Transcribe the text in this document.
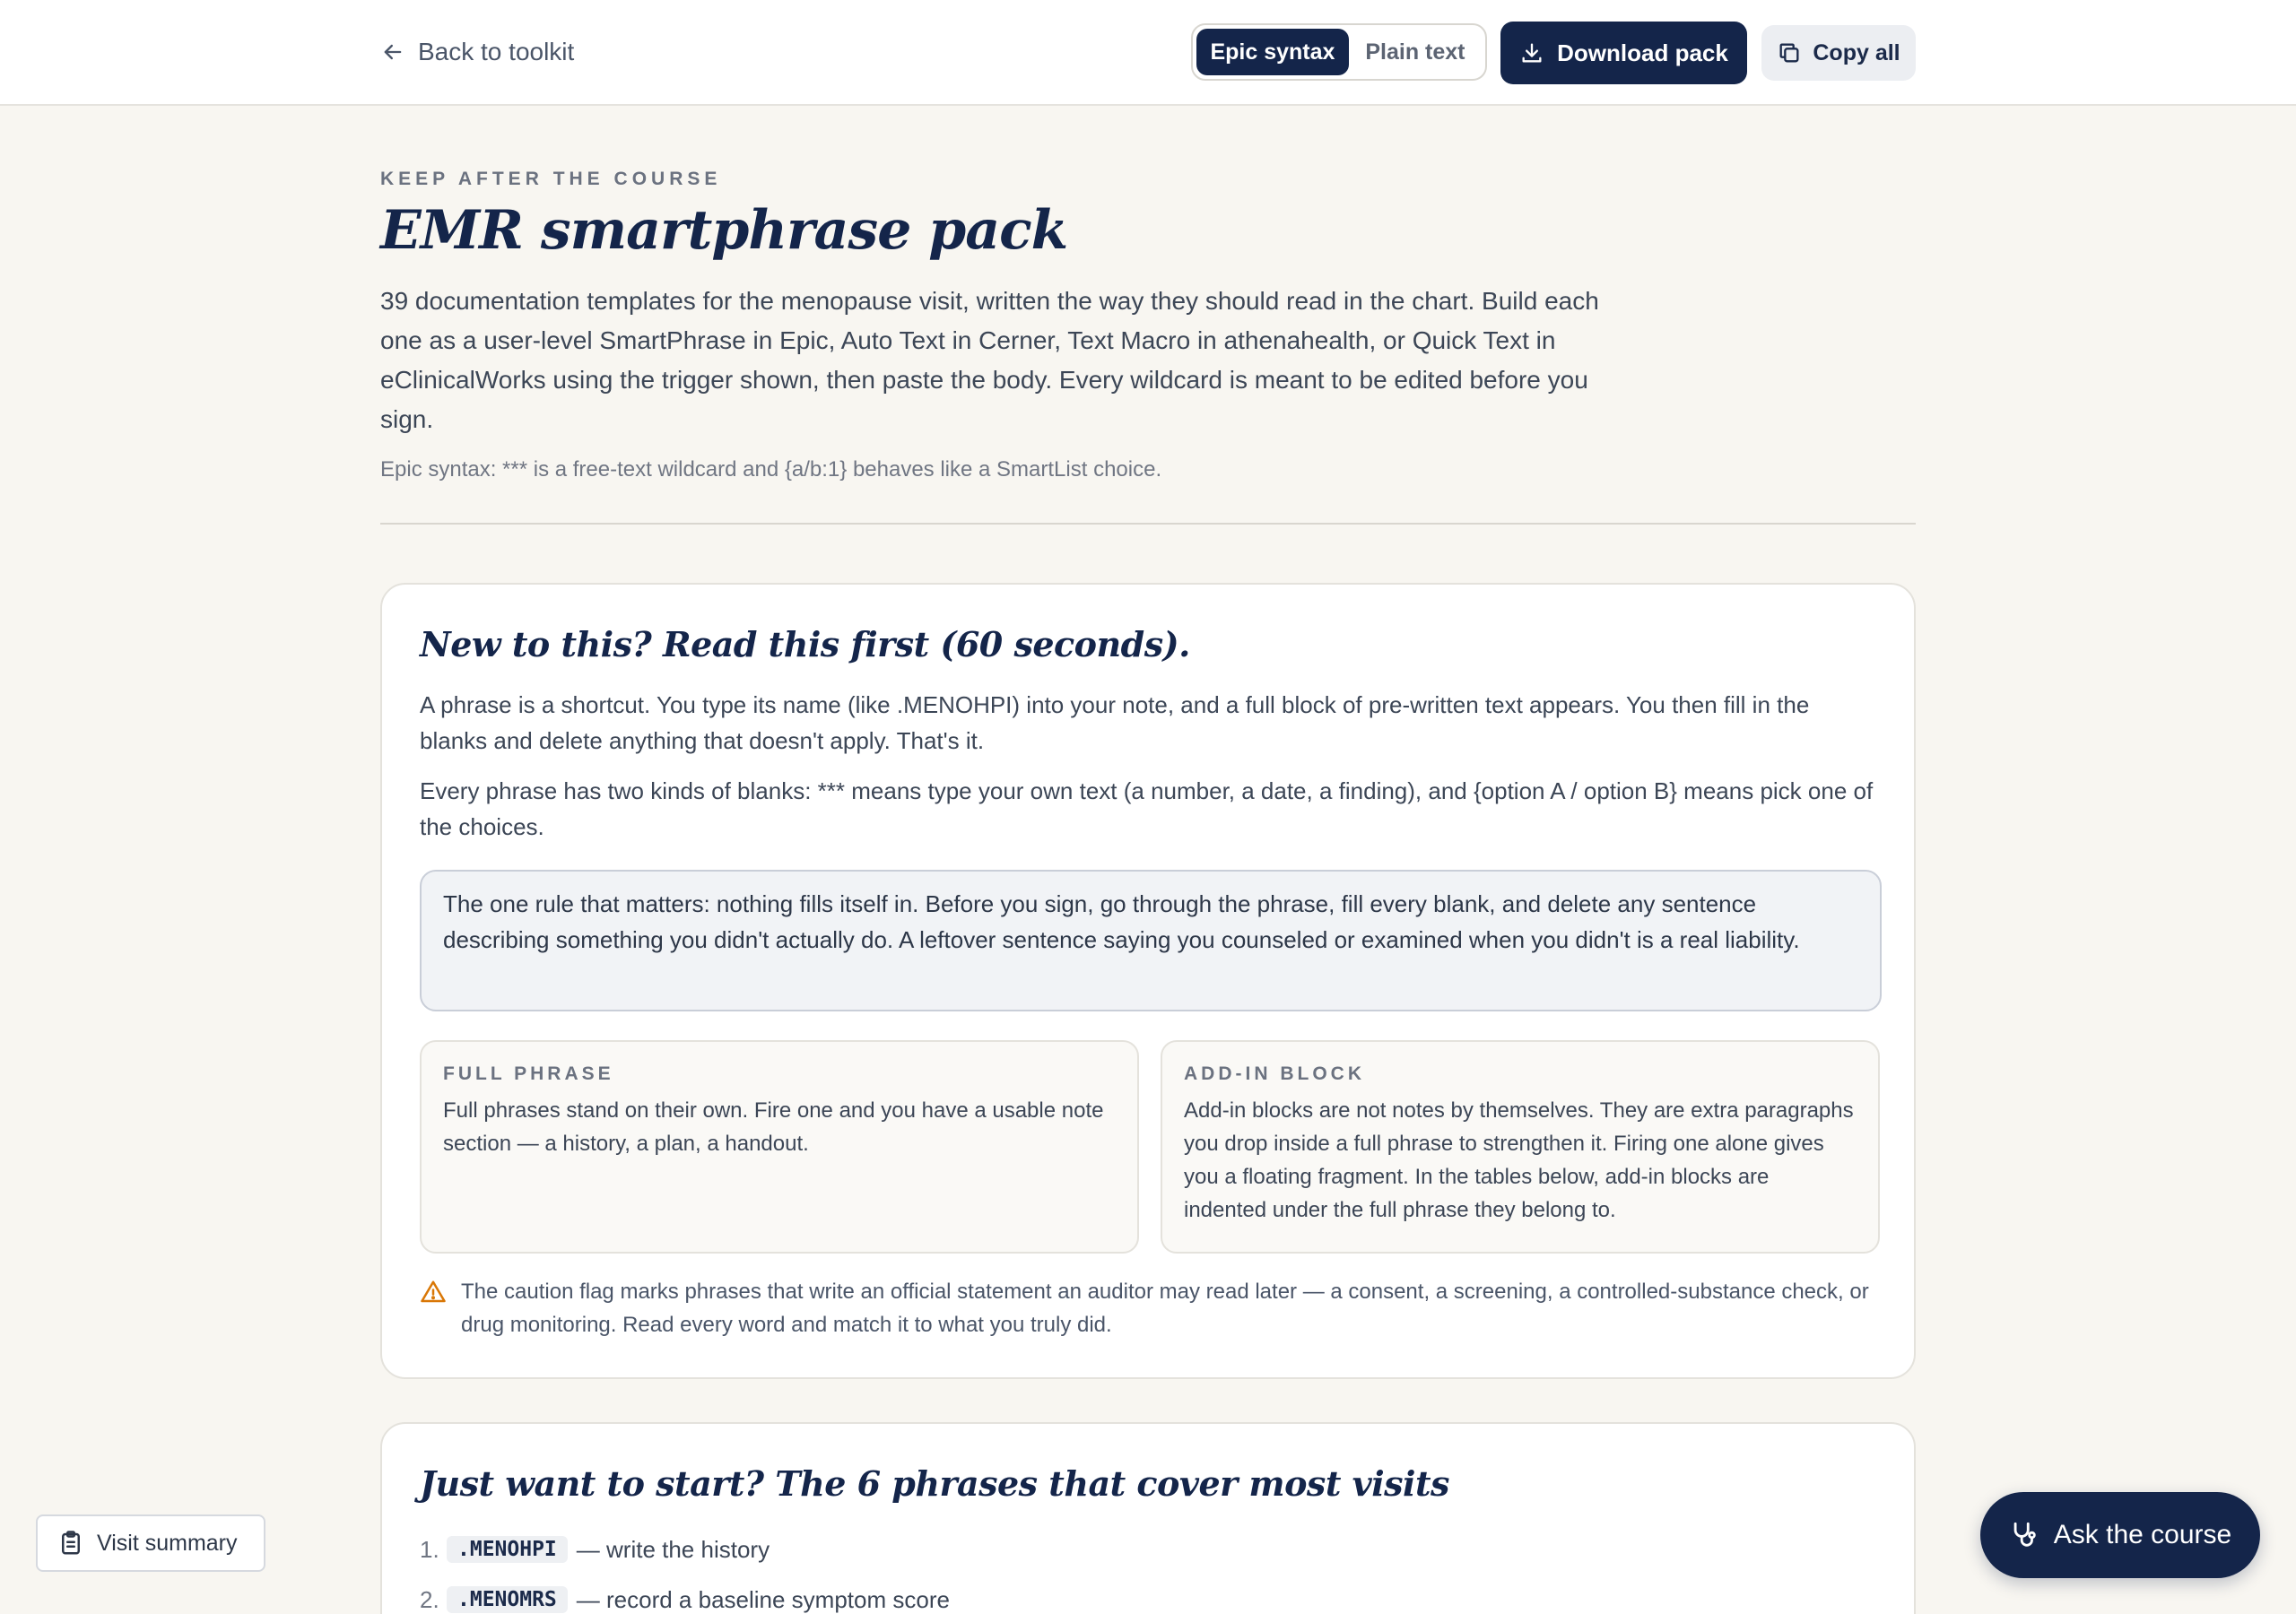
Back to toolkit	Epic syntax	Plain text	Download pack	Copy all
KEEP AFTER THE COURSE
EMR smartphrase pack

39 documentation templates for the menopause visit, written the way they should read in the chart. Build each one as a user-level SmartPhrase in Epic, Auto Text in Cerner, Text Macro in athenahealth, or Quick Text in eClinicalWorks using the trigger shown, then paste the body. Every wildcard is meant to be edited before you sign.

Epic syntax: *** is a free-text wildcard and {a/b:1} behaves like a SmartList choice.

New to this? Read this first (60 seconds).

A phrase is a shortcut. You type its name (like .MENOHPI) into your note, and a full block of pre-written text appears. You then fill in the blanks and delete anything that doesn't apply. That's it.

Every phrase has two kinds of blanks: *** means type your own text (a number, a date, a finding), and {option A / option B} means pick one of the choices.

The one rule that matters: nothing fills itself in. Before you sign, go through the phrase, fill every blank, and delete any sentence describing something you didn't actually do. A leftover sentence saying you counseled or examined when you didn't is a real liability.
FULL PHRASE
Full phrases stand on their own. Fire one and you have a usable note section — a history, a plan, a handout.
ADD-IN BLOCK
Add-in blocks are not notes by themselves. They are extra paragraphs you drop inside a full phrase to strengthen it. Firing one alone gives you a floating fragment. In the tables below, add-in blocks are indented under the full phrase they belong to.
The caution flag marks phrases that write an official statement an auditor may read later — a consent, a screening, a controlled-substance check, or drug monitoring. Read every word and match it to what you truly did.
Just want to start? The 6 phrases that cover most visits
1. .MENOHPI — write the history
2. .MENOMRS — record a baseline symptom score
Visit summary	Ask the course
